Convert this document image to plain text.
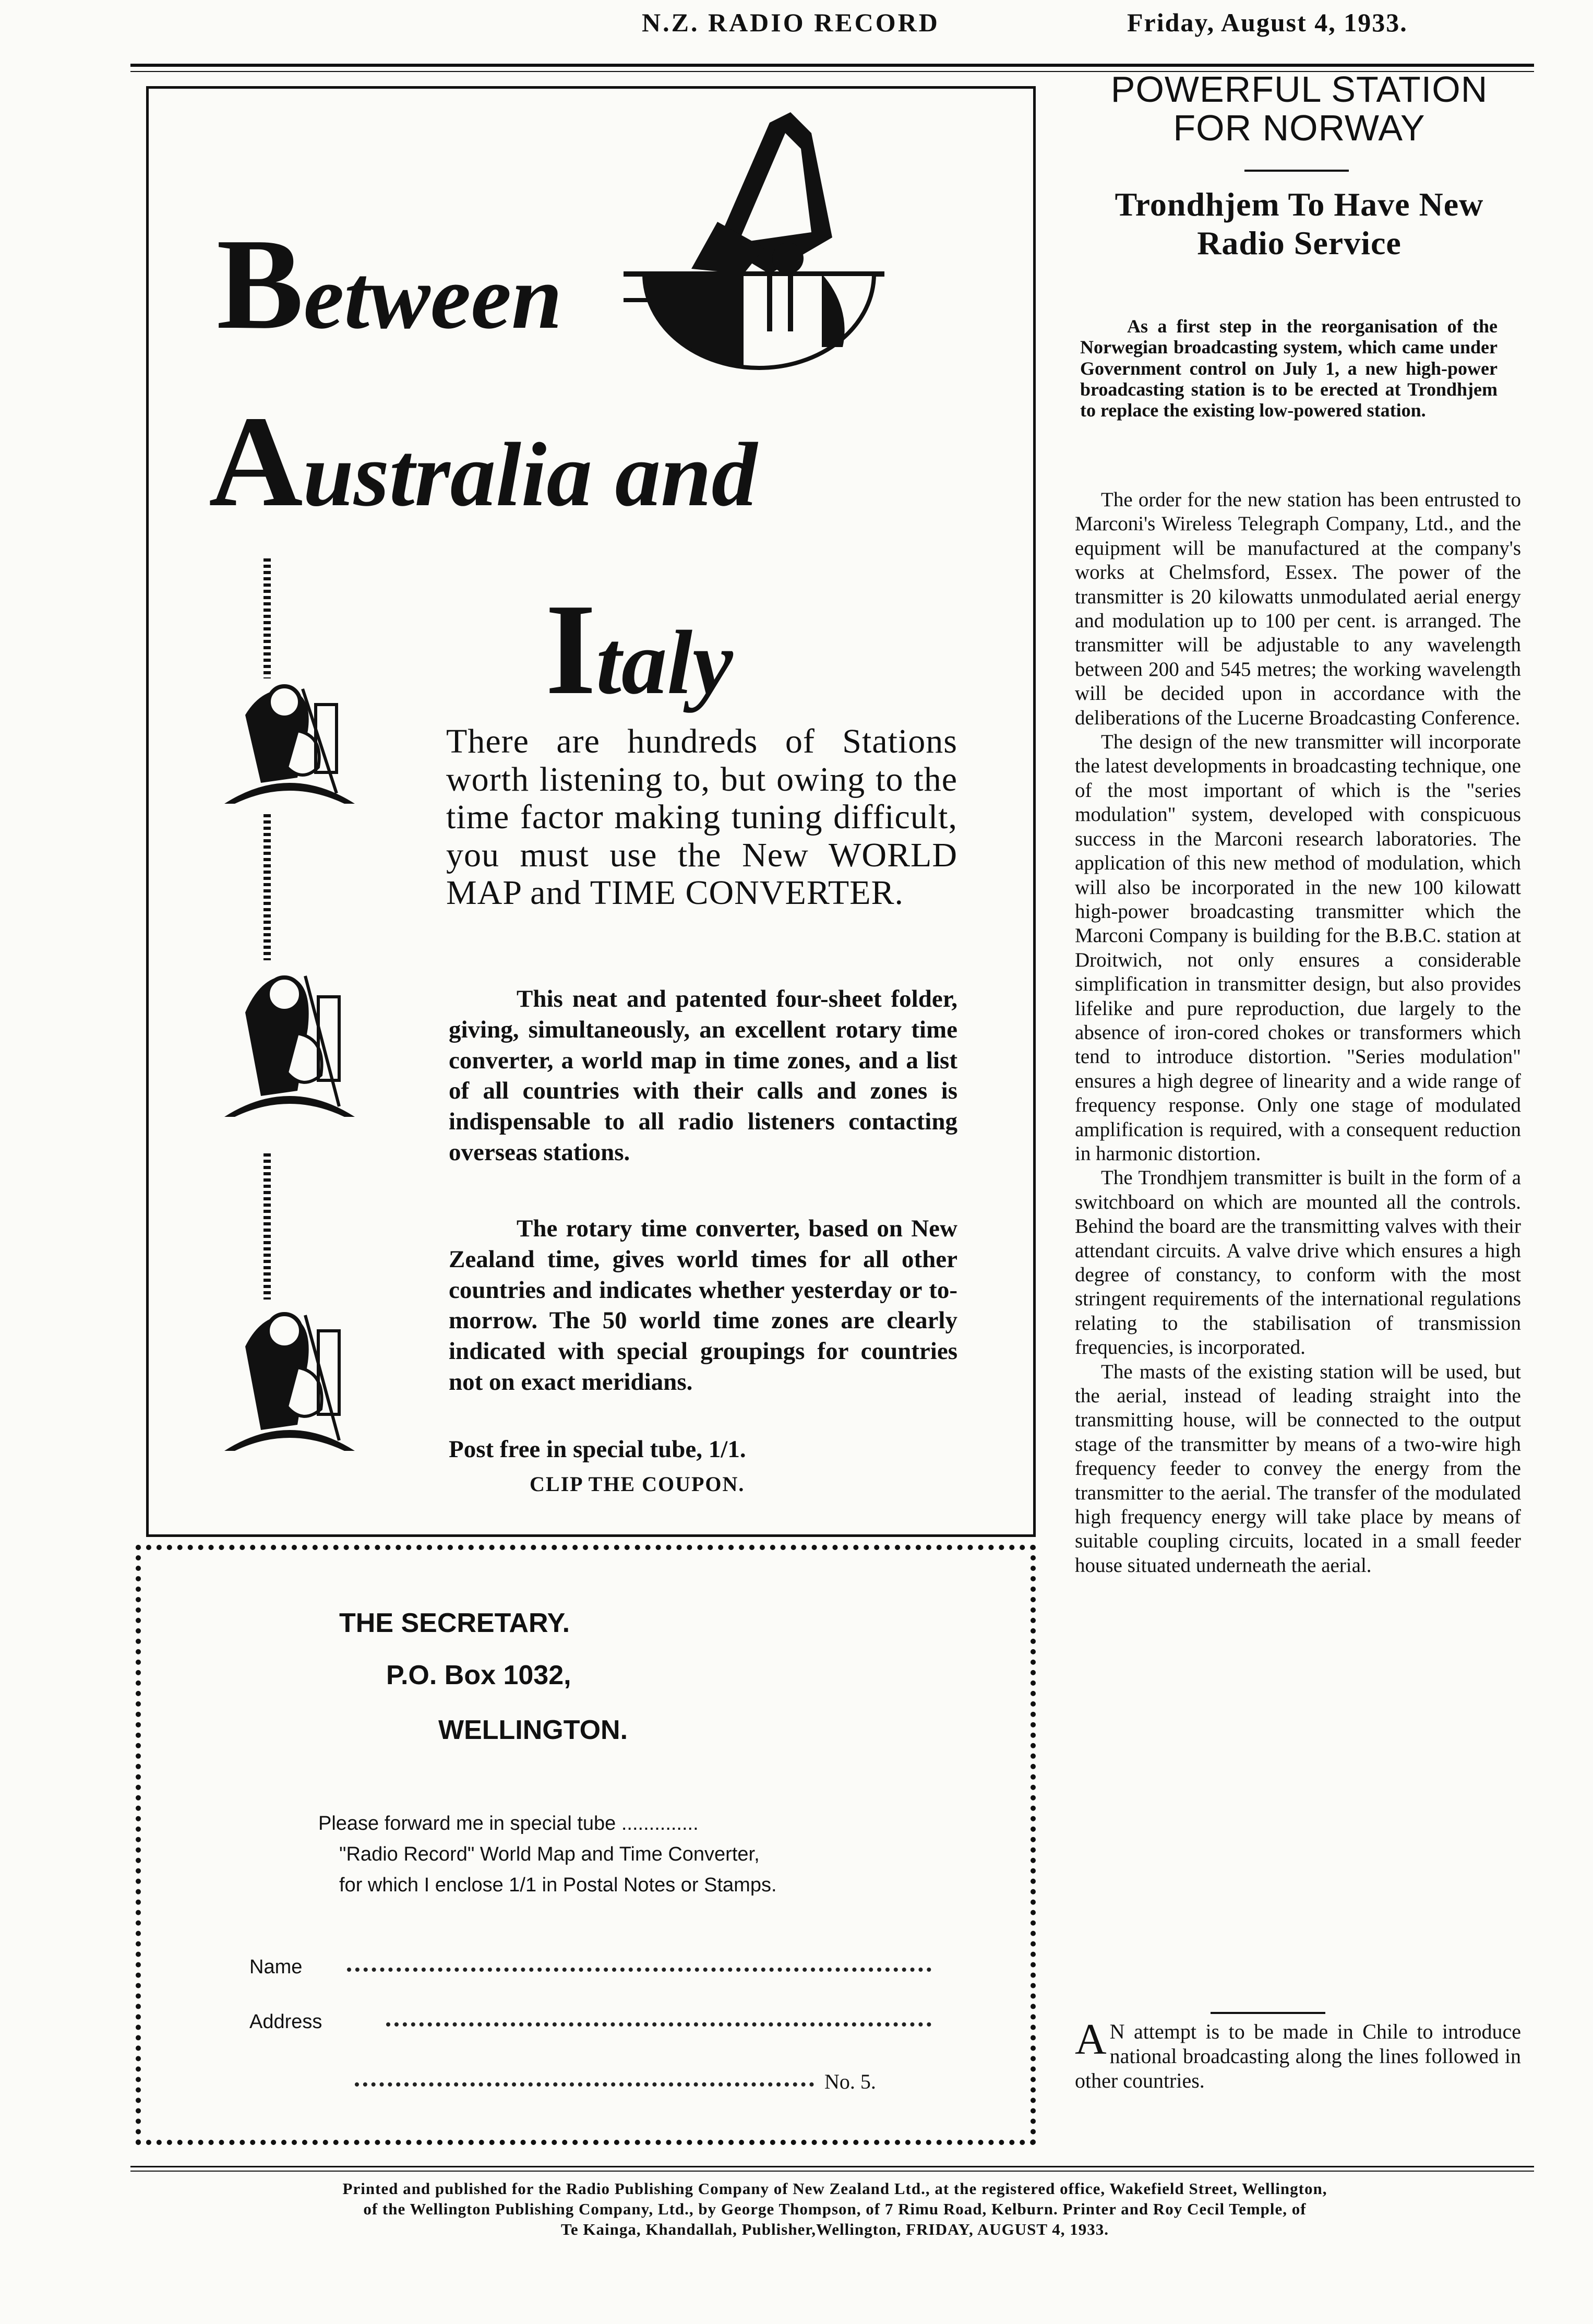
N.Z. RADIO RECORD	Friday, August 4, 1933.
Between
Australia and
Italy
There are hundreds of Stations worth listening to, but owing to the time factor making tuning difficult, you must use the New WORLD MAP and TIME CONVERTER.
This neat and patented four-sheet folder, giving, simultaneously, an excellent rotary time converter, a world map in time zones, and a list of all countries with their calls and zones is indispensable to all radio listeners contacting overseas stations.
The rotary time converter, based on New Zealand time, gives world times for all other countries and indicates whether yesterday or to-morrow. The 50 world time zones are clearly indicated with special groupings for countries not on exact meridians.
Post free in special tube, 1/1.
CLIP THE COUPON.
THE SECRETARY.
P.O. Box 1032,
WELLINGTON.
Please forward me in special tube ..............
"Radio Record" World Map and Time Converter,
for which I enclose 1/1 in Postal Notes or Stamps.
Name
Address
No. 5.
POWERFUL STATION
FOR NORWAY
Trondhjem To Have New
Radio Service
As a first step in the reorganisation of the Norwegian broadcasting system, which came under Government control on July 1, a new high-power broadcasting station is to be erected at Trondhjem to replace the existing low-powered station.

The order for the new station has been entrusted to Marconi's Wireless Telegraph Company, Ltd., and the equipment will be manufactured at the company's works at Chelmsford, Essex. The power of the transmitter is 20 kilowatts unmodulated aerial energy and modulation up to 100 per cent. is arranged. The transmitter will be adjustable to any wavelength between 200 and 545 metres; the working wavelength will be decided upon in accordance with the deliberations of the Lucerne Broadcasting Conference.

The design of the new transmitter will incorporate the latest developments in broadcasting technique, one of the most important of which is the "series modulation" system, developed with conspicuous success in the Marconi research laboratories. The application of this new method of modulation, which will also be incorporated in the new 100 kilowatt high-power broadcasting transmitter which the Marconi Company is building for the B.B.C. station at Droitwich, not only ensures a considerable simplification in transmitter design, but also provides lifelike and pure reproduction, due largely to the absence of iron-cored chokes or transformers which tend to introduce distortion. "Series modulation" ensures a high degree of linearity and a wide range of frequency response. Only one stage of modulated amplification is required, with a consequent reduction in harmonic distortion.

The Trondhjem transmitter is built in the form of a switchboard on which are mounted all the controls. Behind the board are the transmitting valves with their attendant circuits. A valve drive which ensures a high degree of constancy, to conform with the most stringent requirements of the international regulations relating to the stabilisation of transmission frequencies, is incorporated.

The masts of the existing station will be used, but the aerial, instead of leading straight into the transmitting house, will be connected to the output stage of the transmitter by means of a two-wire high frequency feeder to convey the energy from the transmitter to the aerial. The transfer of the modulated high frequency energy will take place by means of suitable coupling circuits, located in a small feeder house situated underneath the aerial.

A N attempt is to be made in Chile to introduce national broadcasting along the lines followed in other countries.
Printed and published for the Radio Publishing Company of New Zealand Ltd., at the registered office, Wakefield Street, Wellington,
of the Wellington Publishing Company, Ltd., by George Thompson, of 7 Rimu Road, Kelburn. Printer and Roy Cecil Temple, of
Te Kainga, Khandallah, Publisher,Wellington, FRIDAY, AUGUST 4, 1933.
